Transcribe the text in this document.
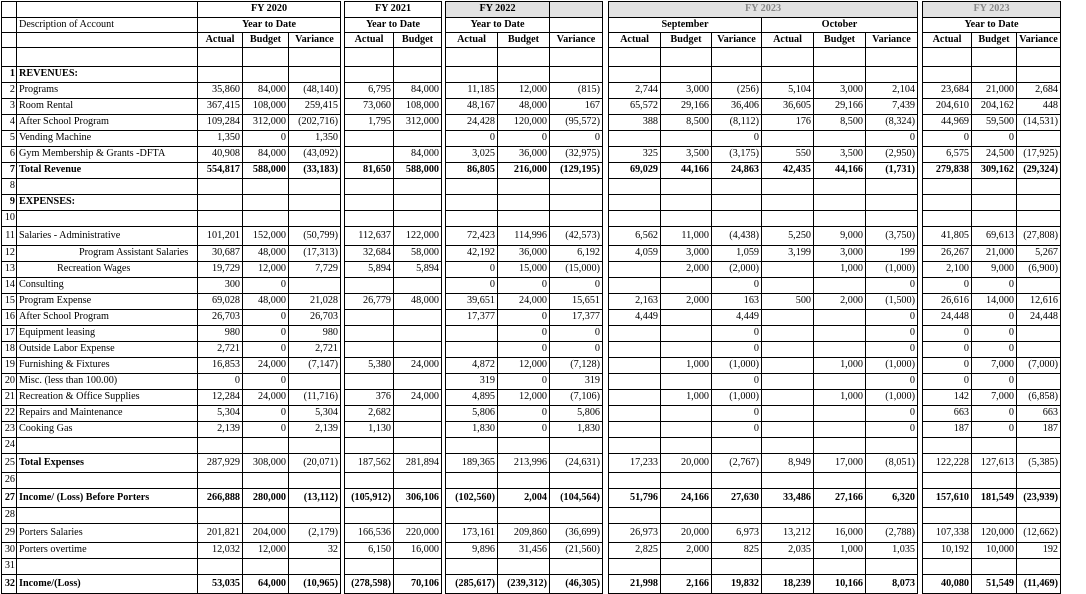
		FY 2020				FY 2021			FY 2022				FY 2023							FY 2023		
	Description of Account	Year to Date				Year to Date			Year to Date				September			October				Year to Date		
		Actual	Budget	Variance		Actual	Budget		Actual	Budget	Variance		Actual	Budget	Variance	Actual	Budget	Variance		Actual	Budget	Variance

1	REVENUES:																					
2	Programs	35,860	84,000	(48,140)		6,795	84,000		11,185	12,000	(815)		2,744	3,000	(256)	5,104	3,000	2,104		23,684	21,000	2,684
3	Room Rental	367,415	108,000	259,415		73,060	108,000		48,167	48,000	167		65,572	29,166	36,406	36,605	29,166	7,439		204,610	204,162	448
4	After School Program	109,284	312,000	(202,716)		1,795	312,000		24,428	120,000	(95,572)		388	8,500	(8,112)	176	8,500	(8,324)		44,969	59,500	(14,531)
5	Vending Machine	1,350	0	1,350					0	0	0				0			0		0	0	
6	Gym Membership & Grants -DFTA	40,908	84,000	(43,092)			84,000		3,025	36,000	(32,975)		325	3,500	(3,175)	550	3,500	(2,950)		6,575	24,500	(17,925)
7	Total Revenue	554,817	588,000	(33,183)		81,650	588,000		86,805	216,000	(129,195)		69,029	44,166	24,863	42,435	44,166	(1,731)		279,838	309,162	(29,324)
8																						
9	EXPENSES:																					
10																						
11	Salaries - Administrative	101,201	152,000	(50,799)		112,637	122,000		72,423	114,996	(42,573)		6,562	11,000	(4,438)	5,250	9,000	(3,750)		41,805	69,613	(27,808)
12	Program Assistant Salaries	30,687	48,000	(17,313)		32,684	58,000		42,192	36,000	6,192		4,059	3,000	1,059	3,199	3,000	199		26,267	21,000	5,267
13	Recreation Wages	19,729	12,000	7,729		5,894	5,894		0	15,000	(15,000)			2,000	(2,000)		1,000	(1,000)		2,100	9,000	(6,900)
14	Consulting	300	0						0	0	0				0			0		0	0	
15	Program Expense	69,028	48,000	21,028		26,779	48,000		39,651	24,000	15,651		2,163	2,000	163	500	2,000	(1,500)		26,616	14,000	12,616
16	After School Program	26,703	0	26,703					17,377	0	17,377		4,449		4,449			0		24,448	0	24,448
17	Equipment leasing	980	0	980						0	0				0			0		0	0	
18	Outside Labor Expense	2,721	0	2,721						0	0				0			0		0	0	
19	Furnishing & Fixtures	16,853	24,000	(7,147)		5,380	24,000		4,872	12,000	(7,128)			1,000	(1,000)		1,000	(1,000)		0	7,000	(7,000)
20	Misc. (less than 100.00)	0	0						319	0	319				0			0		0	0	
21	Recreation & Office Supplies	12,284	24,000	(11,716)		376	24,000		4,895	12,000	(7,106)			1,000	(1,000)		1,000	(1,000)		142	7,000	(6,858)
22	Repairs and Maintenance	5,304	0	5,304		2,682			5,806	0	5,806				0			0		663	0	663
23	Cooking Gas	2,139	0	2,139		1,130			1,830	0	1,830				0			0		187	0	187
24																						
25	Total Expenses	287,929	308,000	(20,071)		187,562	281,894		189,365	213,996	(24,631)		17,233	20,000	(2,767)	8,949	17,000	(8,051)		122,228	127,613	(5,385)
26																						
27	Income/ (Loss) Before Porters	266,888	280,000	(13,112)		(105,912)	306,106		(102,560)	2,004	(104,564)		51,796	24,166	27,630	33,486	27,166	6,320		157,610	181,549	(23,939)
28																						
29	Porters Salaries	201,821	204,000	(2,179)		166,536	220,000		173,161	209,860	(36,699)		26,973	20,000	6,973	13,212	16,000	(2,788)		107,338	120,000	(12,662)
30	Porters overtime	12,032	12,000	32		6,150	16,000		9,896	31,456	(21,560)		2,825	2,000	825	2,035	1,000	1,035		10,192	10,000	192
31																						
32	Income/(Loss)	53,035	64,000	(10,965)		(278,598)	70,106		(285,617)	(239,312)	(46,305)		21,998	2,166	19,832	18,239	10,166	8,073		40,080	51,549	(11,469)
